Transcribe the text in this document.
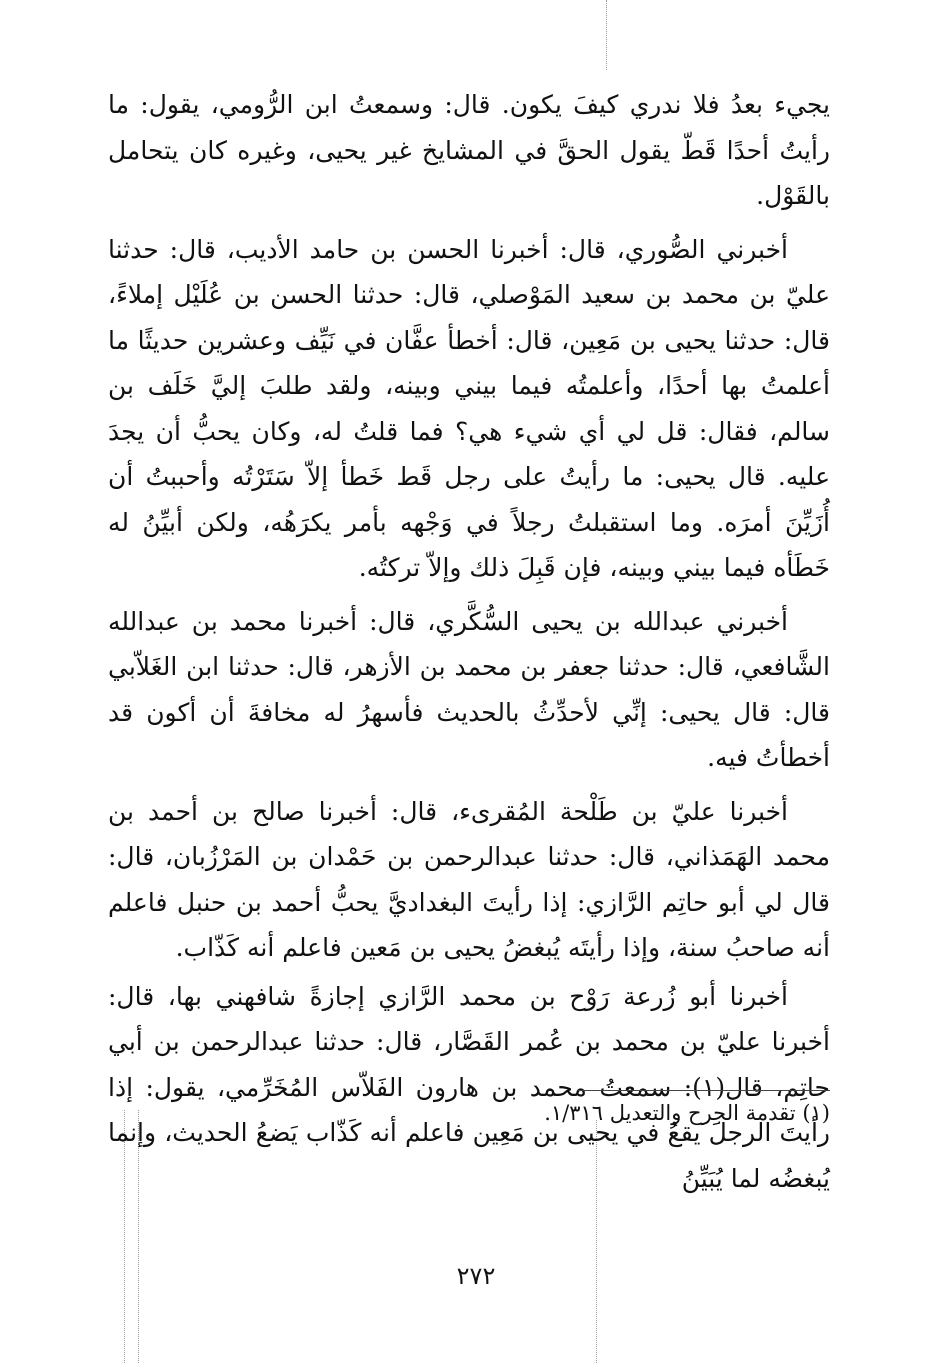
يجيء بعدُ فلا ندري كيفَ يكون. قال: وسمعتُ ابن الرُّومي، يقول: ما رأيتُ أحدًا قَطّ يقول الحقَّ في المشايخ غير يحيى، وغيره كان يتحامل بالقَوْل.

أخبرني الصُّوري، قال: أخبرنا الحسن بن حامد الأديب، قال: حدثنا عليّ بن محمد بن سعيد المَوْصلي، قال: حدثنا الحسن بن عُلَيْل إملاءً، قال: حدثنا يحيى بن مَعِين، قال: أخطأ عفَّان في نَيِّف وعشرين حديثًا ما أعلمتُ بها أحدًا، وأعلمتُه فيما بيني وبينه، ولقد طلبَ إليَّ خَلَف بن سالم، فقال: قل لي أي شيء هي؟ فما قلتُ له، وكان يحبُّ أن يجدَ عليه. قال يحيى: ما رأيتُ على رجل قَط خَطأ إلاّ سَتَرْتُه وأحببتُ أن أُزَيِّنَ أمرَه. وما استقبلتُ رجلاً في وَجْهه بأمر يكرَهُه، ولكن أبيِّنُ له خَطَأه فيما بيني وبينه، فإن قَبِلَ ذلك وإلاّ تركتُه.

أخبرني عبدالله بن يحيى السُّكَّري، قال: أخبرنا محمد بن عبدالله الشَّافعي، قال: حدثنا جعفر بن محمد بن الأزهر، قال: حدثنا ابن الغَلاّبي قال: قال يحيى: إنِّي لأحدِّثُ بالحديث فأسهرُ له مخافةَ أن أكون قد أخطأتُ فيه.

أخبرنا عليّ بن طَلْحة المُقرىء، قال: أخبرنا صالح بن أحمد بن محمد الهَمَذاني، قال: حدثنا عبدالرحمن بن حَمْدان بن المَرْزُبان، قال: قال لي أبو حاتِم الرَّازي: إذا رأيتَ البغداديَّ يحبُّ أحمد بن حنبل فاعلم أنه صاحبُ سنة، وإذا رأيتَه يُبغضُ يحيى بن مَعين فاعلم أنه كَذّاب.

أخبرنا أبو زُرعة رَوْح بن محمد الرَّازي إجازةً شافهني بها، قال: أخبرنا عليّ بن محمد بن عُمر القَصَّار، قال: حدثنا عبدالرحمن بن أبي حاتِم، قال(١): سمعتُ محمد بن هارون الفَلاّس المُخَرِّمي، يقول: إذا رأيتَ الرجلَ يقعُ في يحيى بن مَعِين فاعلم أنه كَذّاب يَضعُ الحديث، وإنما يُبغضُه لما يُبَيِّنُ

(١) تقدمة الجرح والتعديل ١/٣١٦.

٢٧٢
